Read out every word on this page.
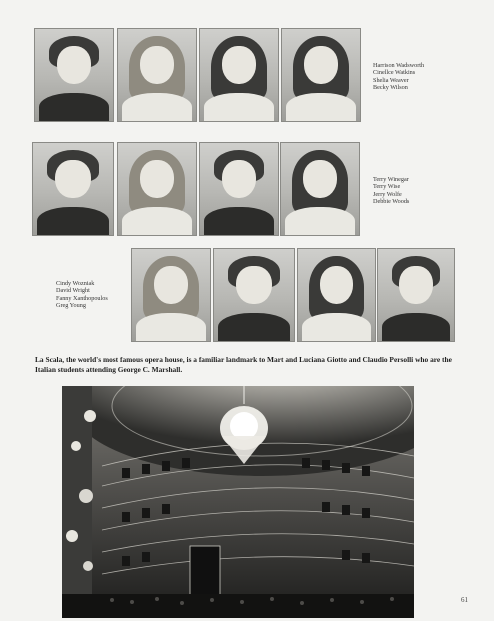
Harrison Wadsworth
Cinellce Watkins
Shelia Weaver
Becky Wilson
Terry Winegar
Terry Wise
Jerry Wolfe
Debbie Woods
Cindy Wozniak
David Wright
Fanny Xanthopoulos
Greg Young
La Scala, the world's most famous opera house, is a familiar landmark to Mart and Luciana Giotto and Claudio Persolli who are the Italian students attending George C. Marshall.
61
